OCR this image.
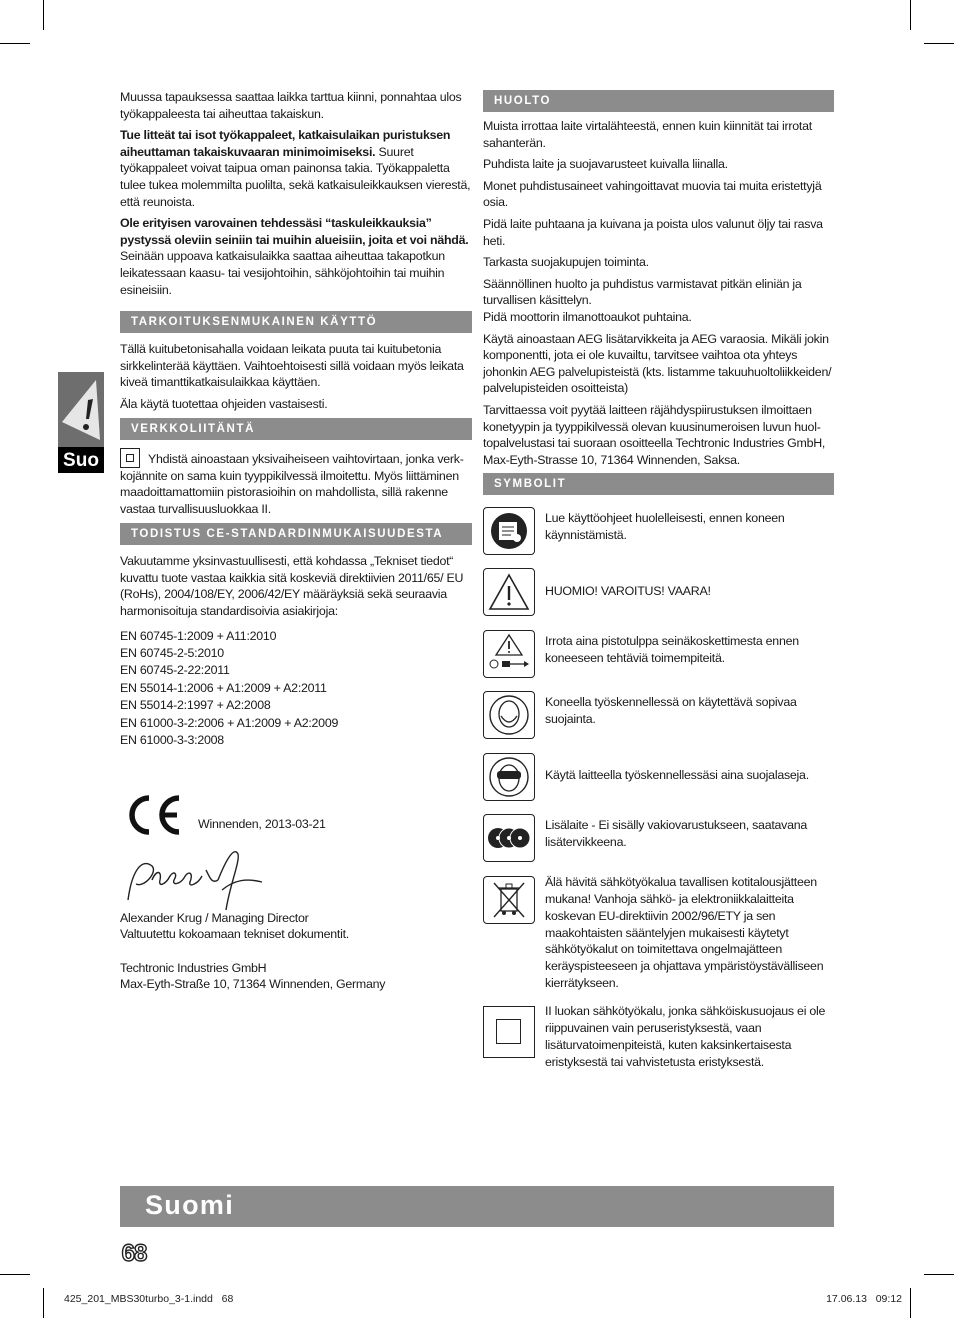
Suo

Muussa tapauksessa saattaa laikka tarttua kiinni, ponnahtaa ulos työkappaleesta tai aiheuttaa takaiskun.

Tue litteät tai isot työkappaleet, katkaisulaikan puristuksen aiheuttaman takaiskuvaaran minimoimiseksi. Suuret työkappaleet voivat taipua oman painonsa takia. Työkappaletta tulee tukea molemmilta puolilta, sekä katkaisuleikkauksen vierestä, että reunoista.

Ole erityisen varovainen tehdessäsi “taskuleikkauksia” pystyssä oleviin seiniin tai muihin alueisiin, joita et voi nähdä. Seinään uppoava katkaisulaikka saattaa aiheuttaa takapotkun leikatessaan kaasu- tai vesijohtoihin, sähköjohtoihin tai muihin esineisiin.

TARKOITUKSENMUKAINEN KÄYTTÖ

Tällä kuitubetonisahalla voidaan leikata puuta tai kuitubetonia sirkkelinterää käyttäen. Vaihtoehtoisesti sillä voidaan myös leikata kiveä timanttikatkaisulaikkaa käyttäen.

Äla käytä tuotettaa ohjeiden vastaisesti.

VERKKOLIITÄNTÄ

Yhdistä ainoastaan yksivaiheiseen vaihtovirtaan, jonka verk-kojännite on sama kuin tyyppikilvessä ilmoitettu. Myös liittäminen maadoittamattomiin pistorasioihin on mahdollista, sillä rakenne vastaa turvallisuusluokkaa II.

TODISTUS CE-STANDARDINMUKAISUUDESTA

Vakuutamme yksinvastuullisesti, että kohdassa „Tekniset tiedot“ kuvattu tuote vastaa kaikkia sitä koskeviä direktiivien 2011/65/ EU (RoHs), 2004/108/EY, 2006/42/EY määräyksiä sekä seuraavia harmonisoituja standardisoivia asiakirjoja:

EN 60745-1:2009 + A11:2010

EN 60745-2-5:2010

EN 60745-2-22:2011

EN 55014-1:2006 + A1:2009 + A2:2011

EN 55014-2:1997 + A2:2008

EN 61000-3-2:2006 + A1:2009 + A2:2009

EN 61000-3-3:2008

Winnenden, 2013-03-21
Alexander Krug / Managing Director
Valtuutettu kokoamaan tekniset dokumentit.
Techtronic Industries GmbH
Max-Eyth-Straße 10, 71364 Winnenden, Germany
HUOLTO

Muista irrottaa laite virtalähteestä, ennen kuin kiinnität tai irrotat sahanterän.

Puhdista laite ja suojavarusteet kuivalla liinalla.

Monet puhdistusaineet vahingoittavat muovia tai muita eristettyjä osia.

Pidä laite puhtaana ja kuivana ja poista ulos valunut öljy tai rasva heti.

Tarkasta suojakupujen toiminta.

Säännöllinen huolto ja puhdistus varmistavat pitkän eliniän ja turvallisen käsittelyn.

Pidä moottorin ilmanottoaukot puhtaina.

Käytä ainoastaan AEG lisätarvikkeita ja AEG varaosia. Mikäli jokin komponentti, jota ei ole kuvailtu, tarvitsee vaihtoa ota yhteys johonkin AEG palvelupisteistä (kts. listamme takuuhuoltoliikkeiden/ palvelupisteiden osoitteista)

Tarvittaessa voit pyytää laitteen räjähdyspiirustuksen ilmoittaen konetyypin ja tyyppikilvessä olevan kuusinumeroisen luvun huol-topalvelustasi tai suoraan osoitteella Techtronic Industries GmbH, Max-Eyth-Strasse 10, 71364 Winnenden, Saksa.

SYMBOLIT
Lue käyttöohjeet huolelleisesti, ennen koneen käynnistämistä.
HUOMIO! VAROITUS! VAARA!
Irrota aina pistotulppa seinäkoskettimesta ennen koneeseen tehtäviä toimempiteitä.
Koneella työskennellessä on käytettävä sopivaa suojainta.
Käytä laitteella työskennellessäsi aina suojalaseja.
Lisälaite - Ei sisälly vakiovarustukseen, saatavana lisätervikkeena.
Älä hävitä sähkötyökalua tavallisen kotitalousjätteen mukana! Vanhoja sähkö- ja elektroniikkalaitteita koskevan EU-direktiivin 2002/96/ETY ja sen maakohtaisten sääntelyjen mukaisesti käytetyt sähkötyökalut on toimitettava ongelmajätteen keräyspisteeseen ja ohjattava ympäristöystävälliseen kierrätykseen.
II luokan sähkötyökalu, jonka sähköiskusuojaus ei ole riippuvainen vain peruseristyksestä, vaan lisäturvatoimenpiteistä, kuten kaksinkertaisesta eristyksestä tai vahvistetusta eristyksestä.
Suomi
68
425_201_MBS30turbo_3-1.indd   68	17.06.13   09:12
